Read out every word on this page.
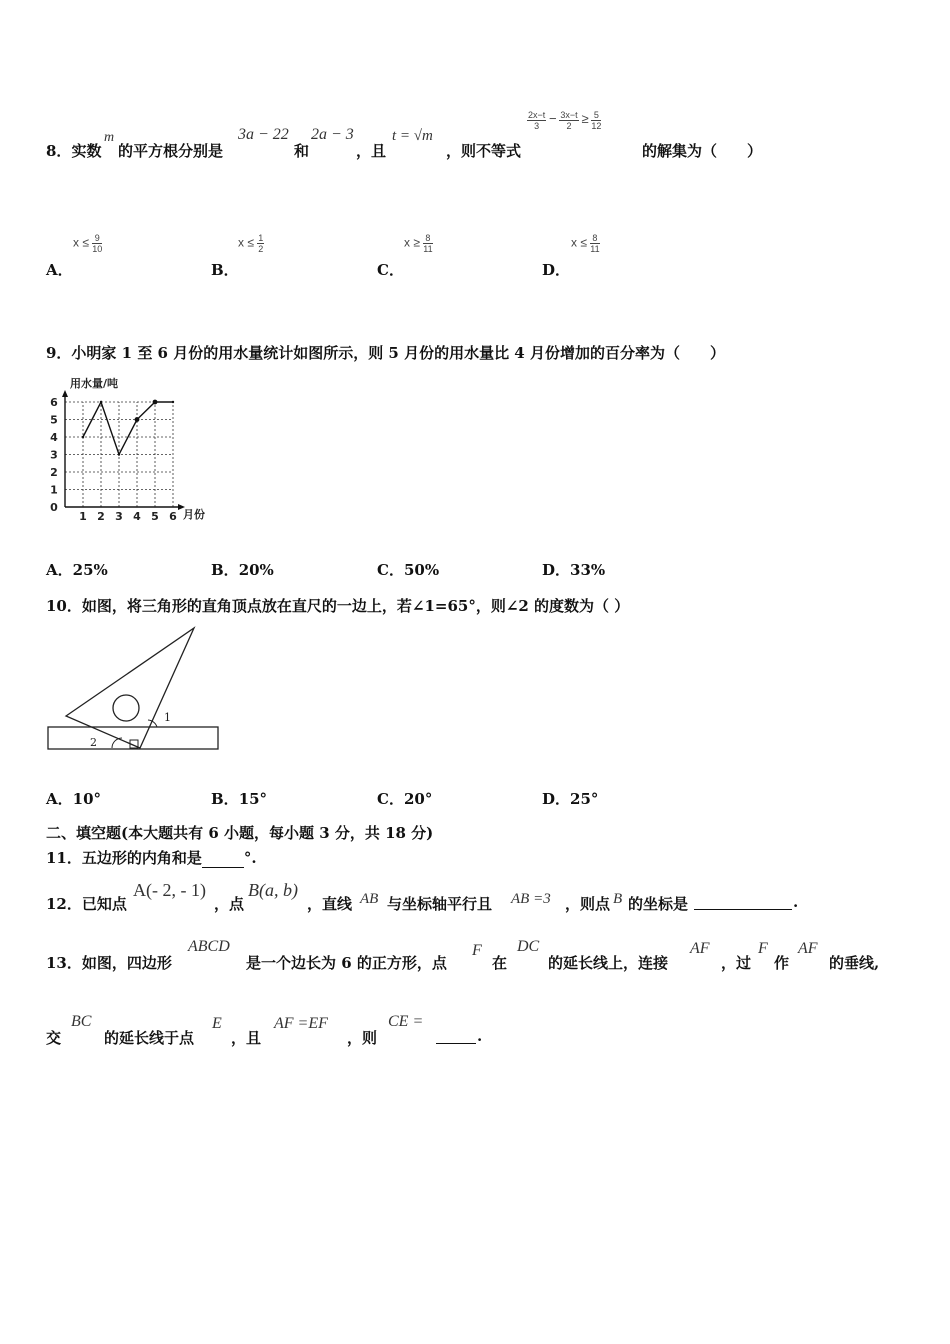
8．实数
m
的平方根分别是
3a − 22
和
2a − 3
，且
t = √m
，则不等式
$\frac{2x-t}{3} - \frac{3x-t}{2} \ge \frac{5}{12}$
的解集为（　　）
$x \le \frac{9}{10}$
A．
$x \le \frac{1}{2}$
B．
$x \ge \frac{8}{11}$
C．
$x \le \frac{8}{11}$
D．
9．小明家 1 至 6 月份的用水量统计如图所示，则 5 月份的用水量比 4 月份增加的百分率为（　　）
0
1
2
3
4
5
6
1 2 3 4 5 6
用水量/吨
月份
A．25%	B．20%	C．50%	D．33%
10．如图，将三角形的直角顶点放在直尺的一边上，若∠1=65°，则∠2 的度数为（ ）
1
2
A．10°	B．15°	C．20°	D．25°
二、填空题(本大题共有 6 小题，每小题 3 分，共 18 分)
11．五边形的内角和是	°.
12．已知点
A(- 2, - 1)
，点
B(a, b)
，直线 AB 与坐标轴平行且 AB =3 ，则点 B 的坐标是	.
13．如图，四边形
ABCD
是一个边长为 6 的正方形，点
F
在
DC
的延长线上，连接
AF
，过
F
作
AF
的垂线,
交
BC
的延长线于点
E
，且
AF =EF
，则
CE =
.
